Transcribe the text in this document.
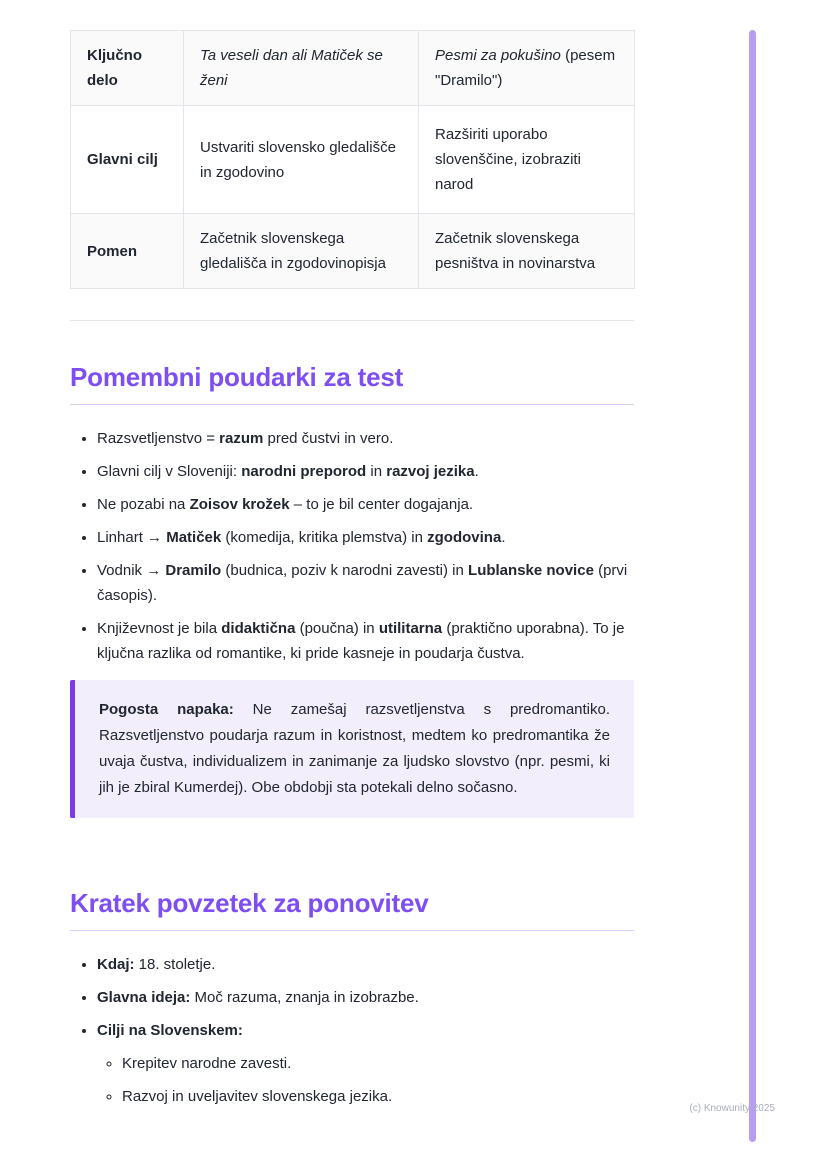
Ključno delo	Ta veseli dan ali Matiček se ženi	Pesmi za pokušino (pesem "Dramilo")
Glavni cilj	Ustvariti slovensko gledališče in zgodovino	Razširiti uporabo slovenščine, izobraziti narod
Pomen	Začetnik slovenskega gledališča in zgodovinopisja	Začetnik slovenskega pesništva in novinarstva
Pomembni poudarki za test
• Razsvetljenstvo = razum pred čustvi in vero.
• Glavni cilj v Sloveniji: narodni preporod in razvoj jezika.
• Ne pozabi na Zoisov krožek – to je bil center dogajanja.
• Linhart → Matiček (komedija, kritika plemstva) in zgodovina.
• Vodnik → Dramilo (budnica, poziv k narodni zavesti) in Lublanske novice (prvi časopis).
• Književnost je bila didaktična (poučna) in utilitarna (praktično uporabna). To je ključna razlika od romantike, ki pride kasneje in poudarja čustva.

Pogosta napaka: Ne zamešaj razsvetljenstva s predromantiko. Razsvetljenstvo poudarja razum in koristnost, medtem ko predromantika že uvaja čustva, individualizem in zanimanje za ljudsko slovstvo (npr. pesmi, ki jih je zbiral Kumerdej). Obe obdobji sta potekali delno sočasno.

Kratek povzetek za ponovitev
• Kdaj: 18. stoletje.
• Glavna ideja: Moč razuma, znanja in izobrazbe.
• Cilji na Slovenskem:
◦ Krepitev narodne zavesti.
◦ Razvoj in uveljavitev slovenskega jezika.
(c) Knowunity 2025
